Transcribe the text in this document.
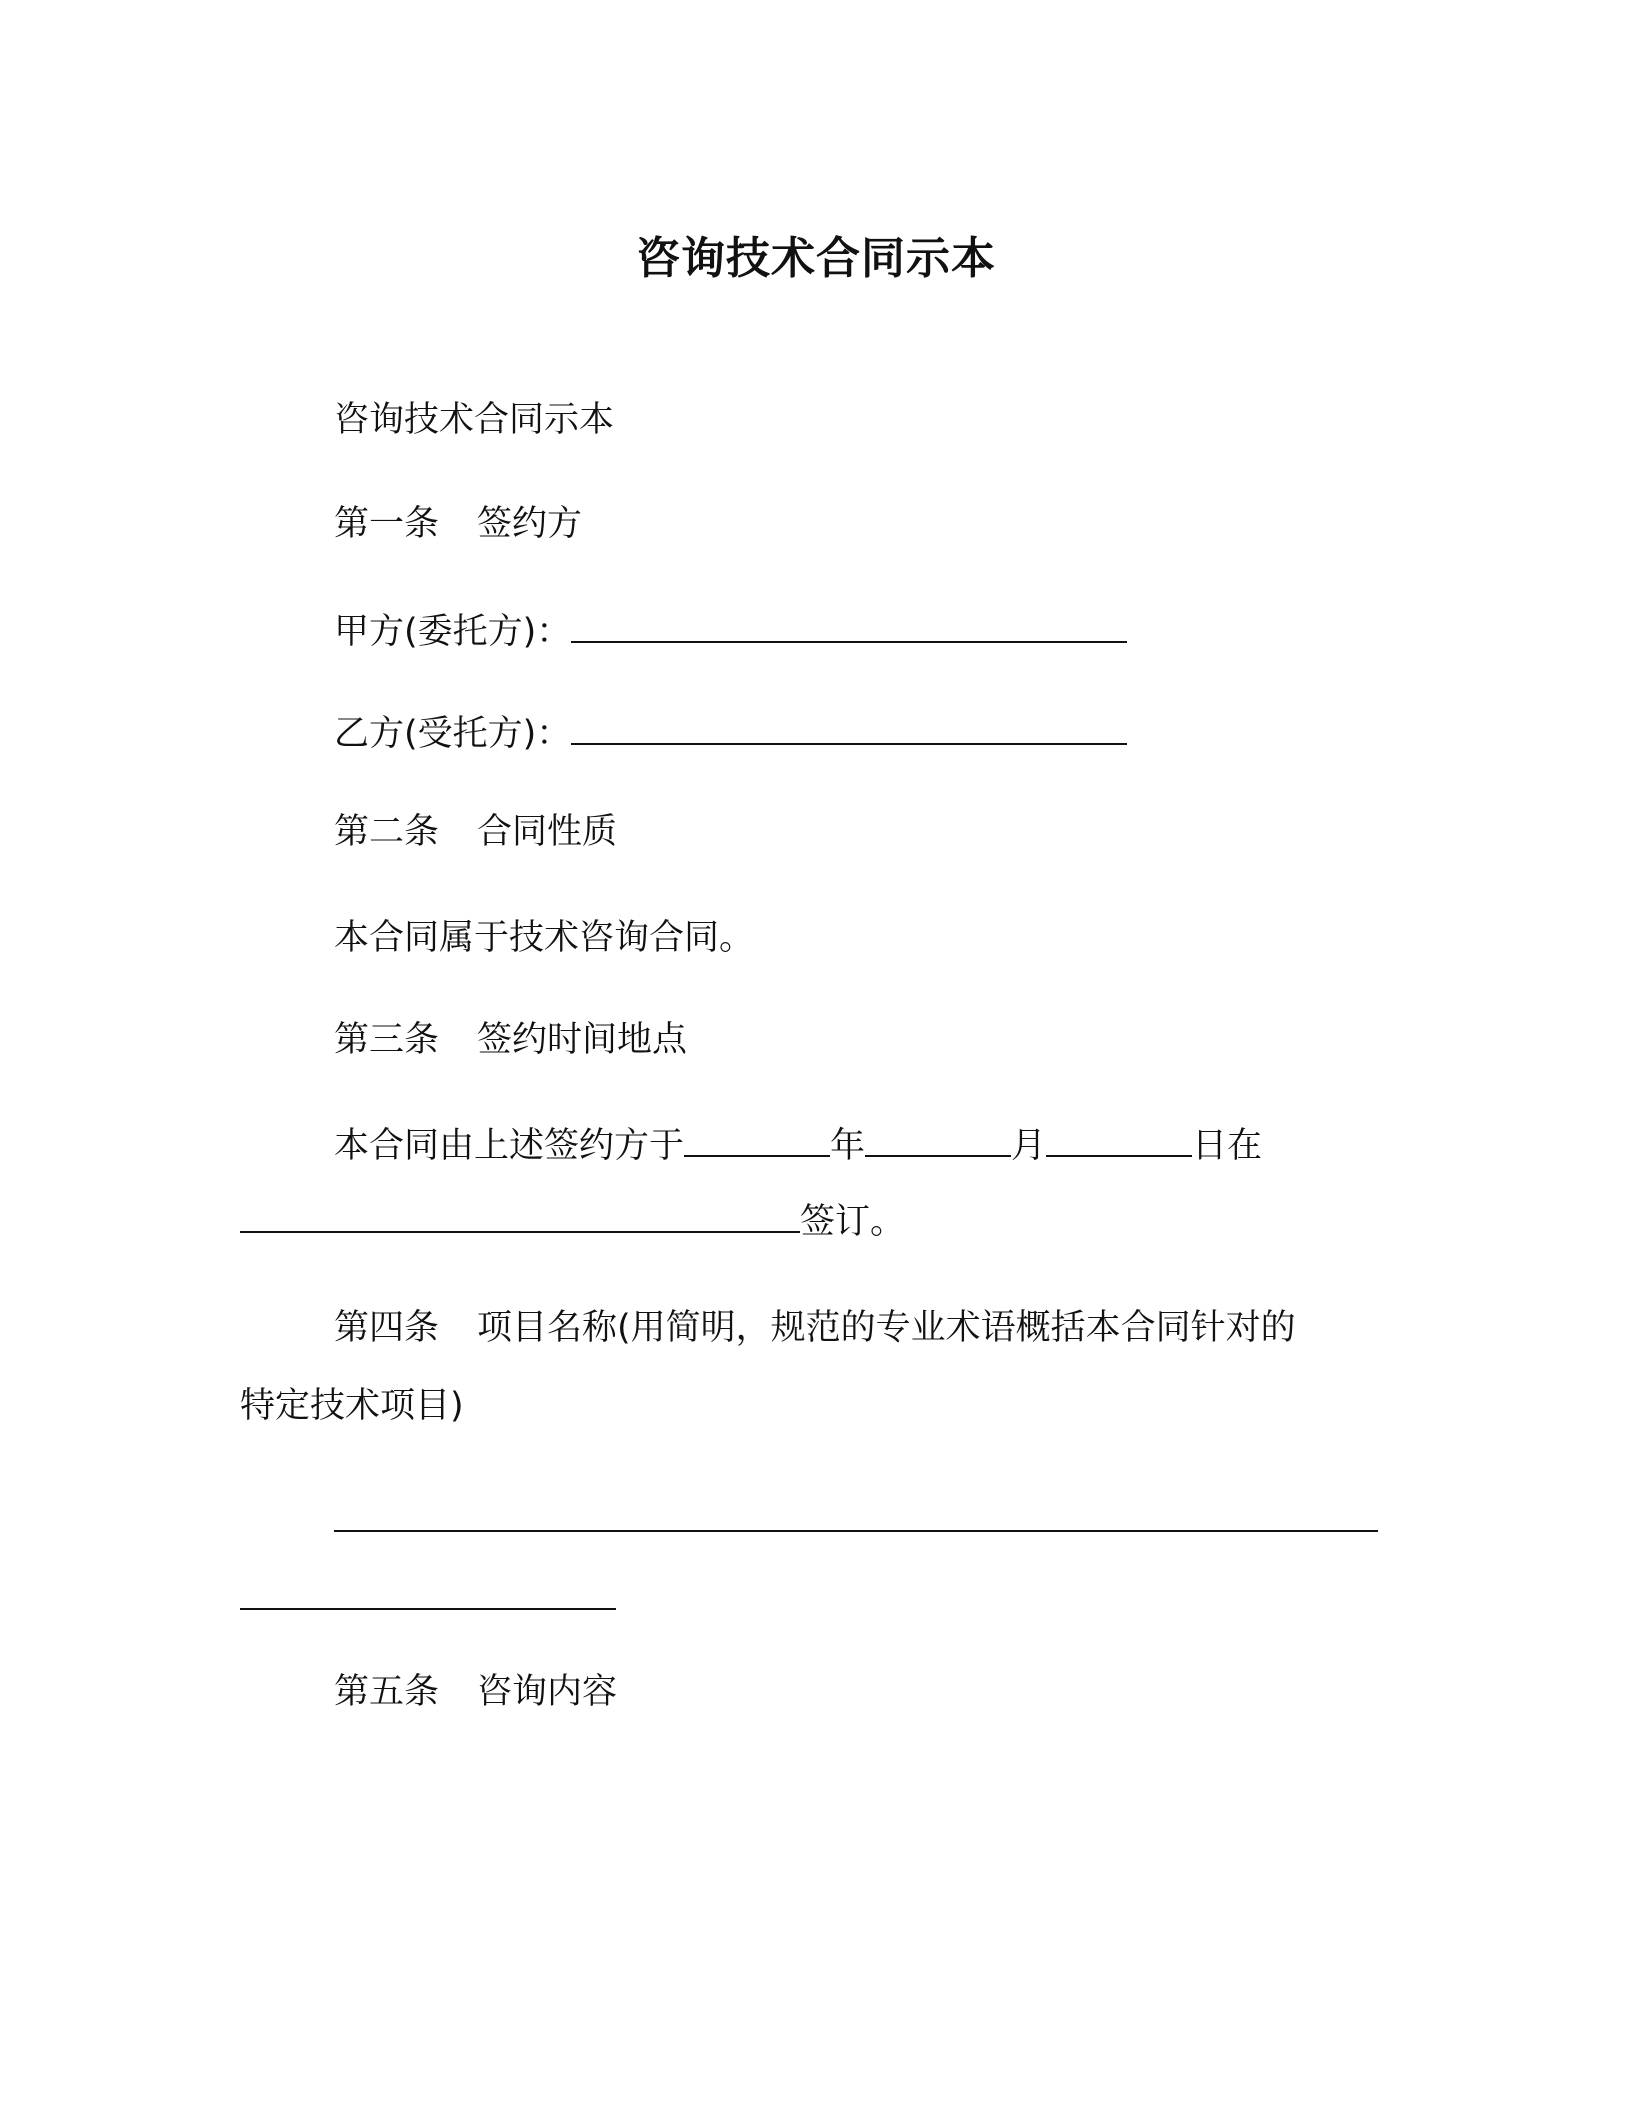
咨询技术合同示本
咨询技术合同示本
第一条 签约方
甲方(委托方)：
乙方(受托方)：
第二条 合同性质
本合同属于技术咨询合同。
第三条 签约时间地点
本合同由上述签约方于	年	月	日在
签订。
第四条 项目名称(用简明，规范的专业术语概括本合同针对的
特定技术项目)
第五条 咨询内容
